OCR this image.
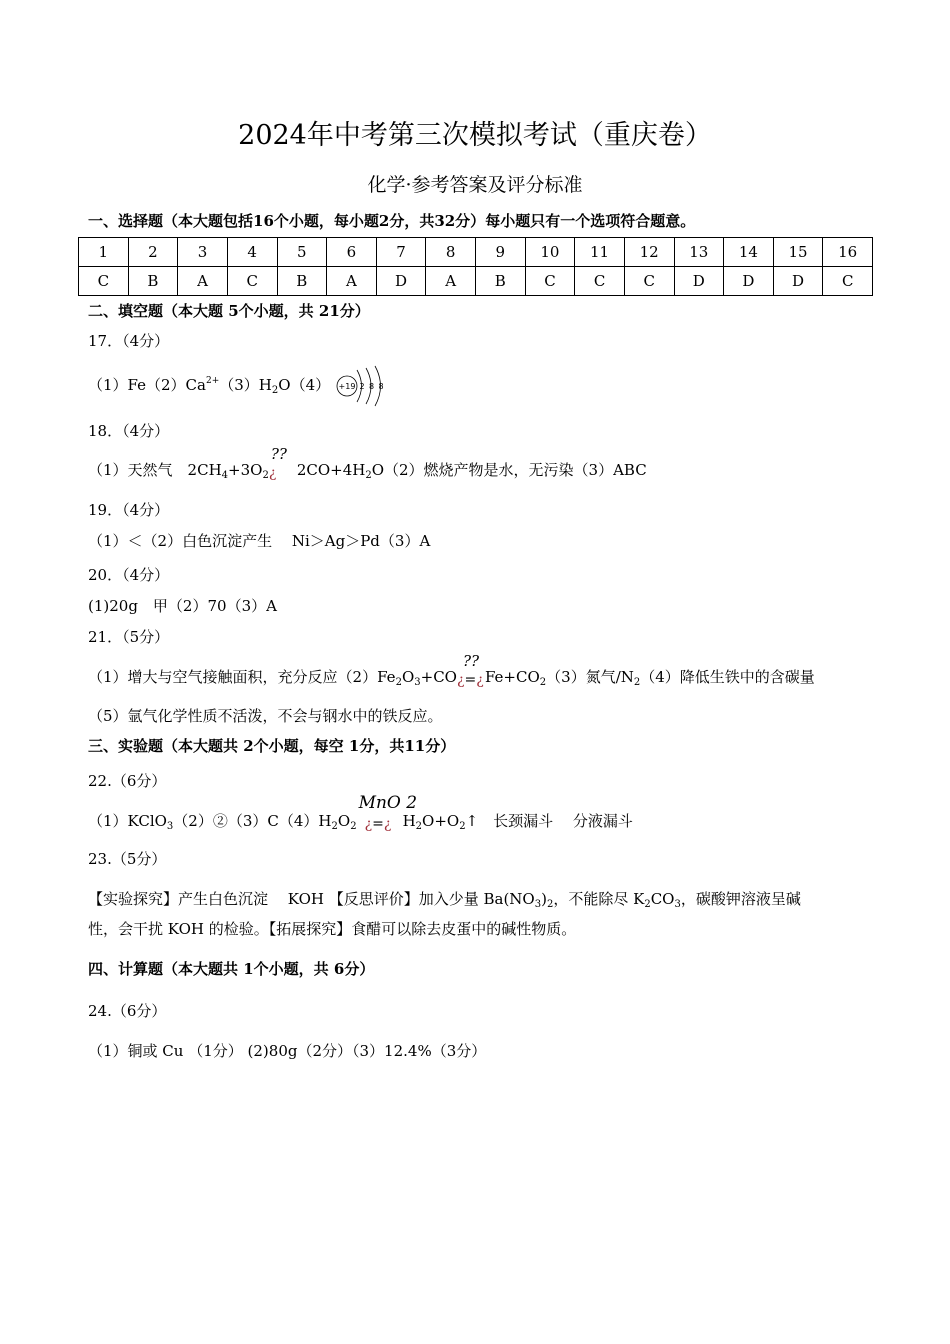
2024年中考第三次模拟考试（重庆卷）
化学·参考答案及评分标准
一、选择题（本大题包括16个小题，每小题2分，共32分）每小题只有一个选项符合题意。
1	2	3	4	5	6	7	8	9	10	11	12	13	14	15	16
C	B	A	C	B	A	D	A	B	C	C	C	D	D	D	C
二、填空题（本大题 5个小题，共 21分）
17．（4分）
$(1)Fe(2)Ca^{2+}(3)H_2O(4) +19$ 2 8 8
18．（4分）
（1）天然气　$2CH_4+3O_2$
??
¿ $2CO+4H_2O(2)$燃烧产物是水，无污染（3）ABC
19．（4分）
（1）＜（2）白色沉淀产生　 Ni＞Ag＞Pd（3）A
20．（4分）
(1)20g　甲（2）70（3）A
21．（5分）
（1）增大与空气接触面积，充分反应$(2)Fe_2O_3+CO$
??
¿=¿ $Fe+CO_2(3)$氮气$/N_2(4)$降低生铁中的含碳量
（5）氩气化学性质不活泼，不会与钢水中的铁反应。
三、实验题（本大题共 2个小题，每空 1分，共11分）
22.（6分）
$(1)KClO_3(2)②(3)C(4)H_2O_2$
MnO 2
¿=¿ $H_2O+O_2↑$　长颈漏斗　 分液漏斗
23.（5分）
【实验探究】产生白色沉淀　 KOH 【反思评价】加入少量 $Ba(NO_3)_2$，不能除尽 $K_2CO_3$，碳酸钾溶液呈碱
性，会干扰 KOH 的检验。【拓展探究】食醋可以除去皮蛋中的碱性物质。
四、计算题（本大题共 1个小题，共 6分）
24.（6分）
（1）铜或 Cu （1分） (2)80g（2分）（3）12.4%（3分）
